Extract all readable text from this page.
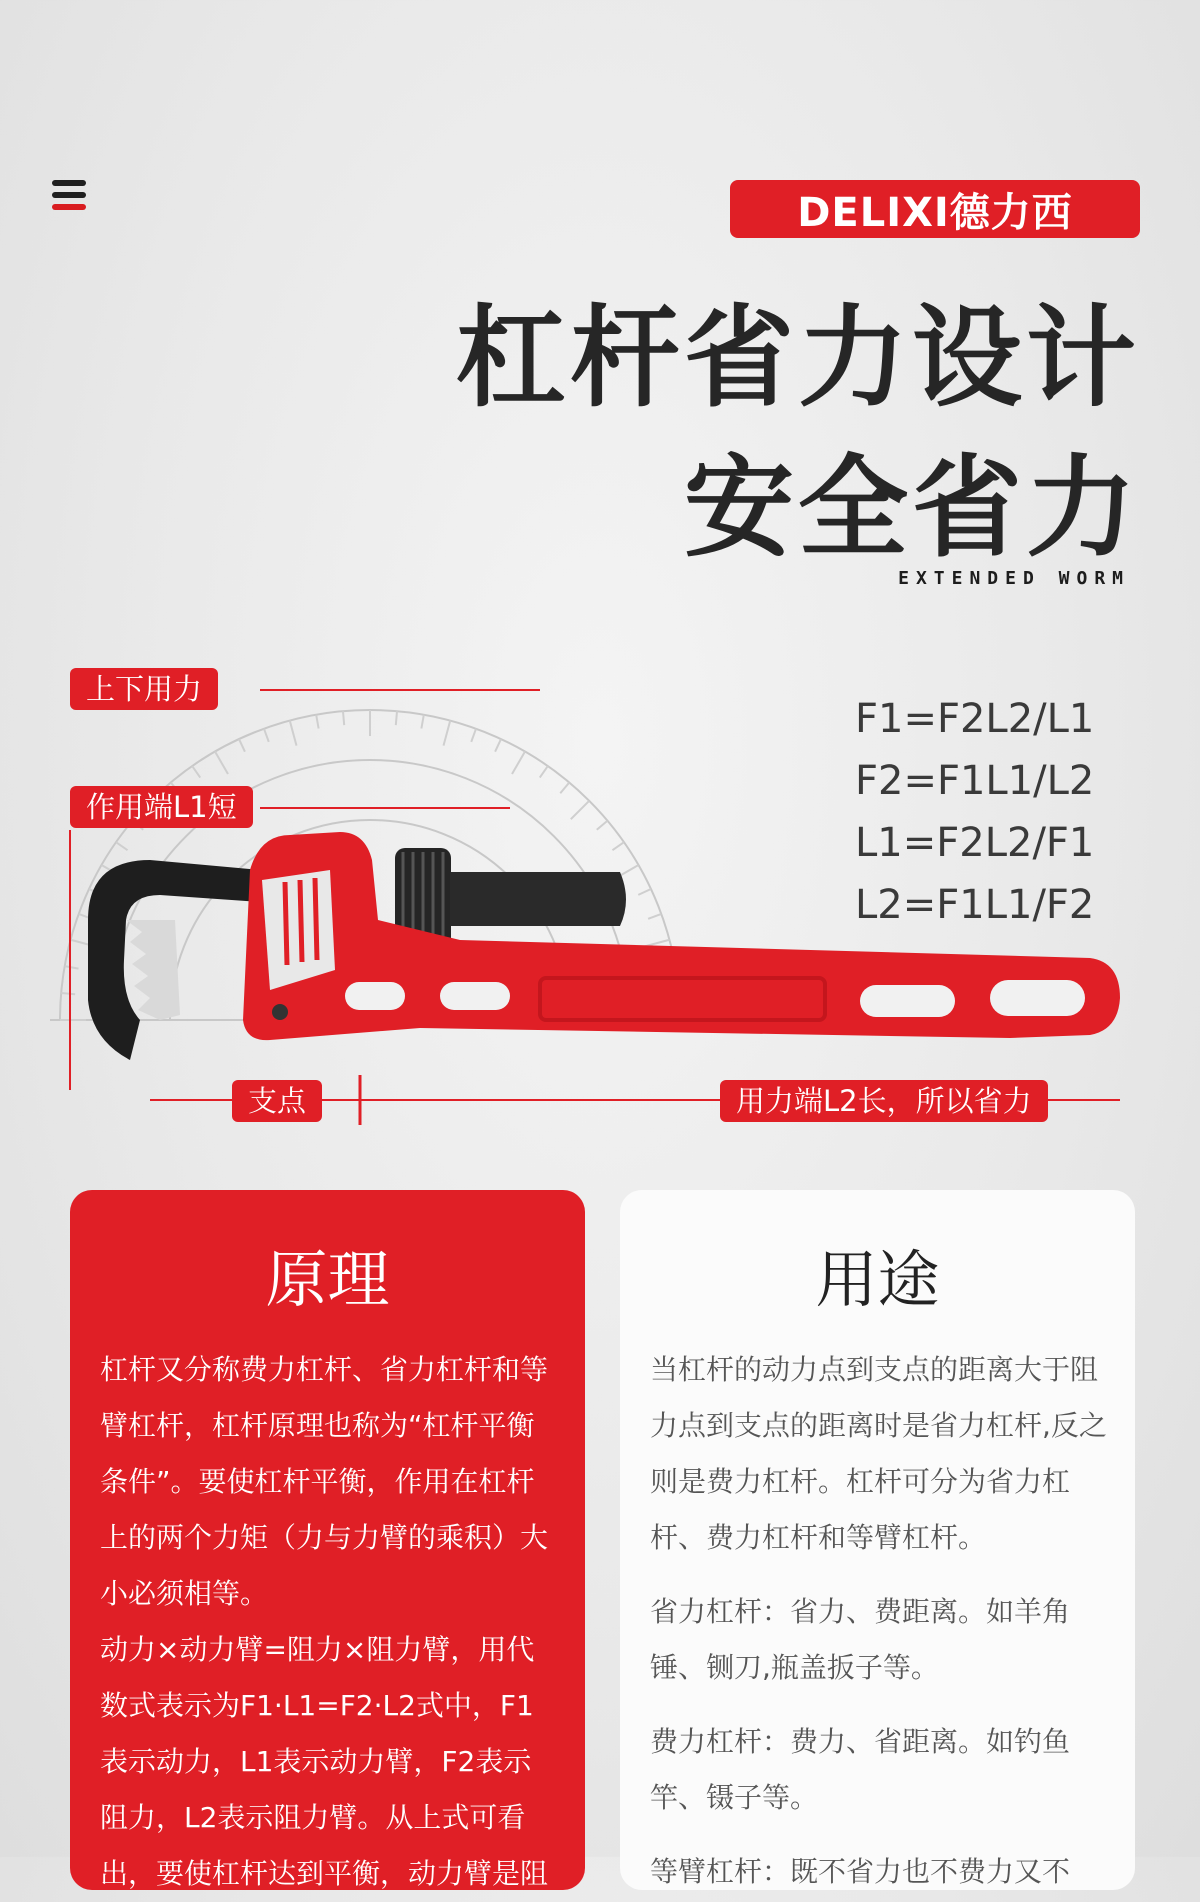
DELIXI德力西
杠杆省力设计
安全省力
EXTENDED WORM
上下用力
作用端L1短
支点	用力端L2长，所以省力
F1=F2L2/L1
F2=F1L1/L2
L1=F2L2/F1
L2=F1L1/F2
原理

杠杆又分称费力杠杆、省力杠杆和等臂杠杆，杠杆原理也称为“杠杆平衡条件”。要使杠杆平衡，作用在杠杆上的两个力矩（力与力臂的乘积）大小必须相等。

动力×动力臂=阻力×阻力臂，用代数式表示为F1·L1=F2·L2式中，F1表示动力，L1表示动力臂，F2表示阻力，L2表示阻力臂。从上式可看出，要使杠杆达到平衡，动力臂是阻

用途

当杠杆的动力点到支点的距离大于阻力点到支点的距离时是省力杠杆,反之则是费力杠杆。杠杆可分为省力杠杆、费力杠杆和等臂杠杆。

省力杠杆：省力、费距离。如羊角锤、铡刀,瓶盖扳子等。

费力杠杆：费力、省距离。如钓鱼竿、镊子等。

等臂杠杆：既不省力也不费力又不
